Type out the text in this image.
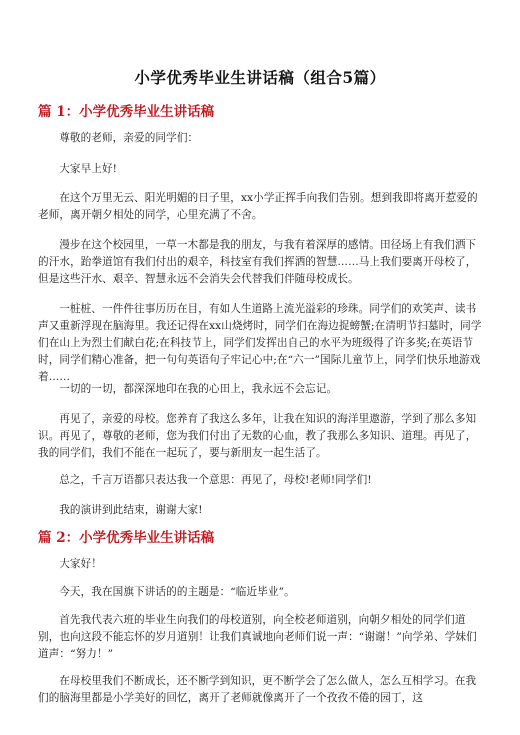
小学优秀毕业生讲话稿（组合5篇）
篇 1：小学优秀毕业生讲话稿
尊敬的老师，亲爱的同学们：
大家早上好!
在这个万里无云、阳光明媚的日子里，xx小学正挥手向我们告别。想到我即将离开惹爱的老师，离开朝夕相处的同学，心里充满了不舍。
漫步在这个校园里，一草一木都是我的朋友，与我有着深厚的感情。田径场上有我们洒下的汗水，跆拳道馆有我们付出的艰辛，科技室有我们挥洒的智慧……马上我们要离开母校了，但是这些汗水、艰辛、智慧永远不会消失会代替我们伴随母校成长。
一桩桩、一件件往事历历在目，有如人生道路上流光溢彩的珍珠。同学们的欢笑声、读书声又重新浮现在脑海里。我还记得在xx山烧烤时，同学们在海边捉螃蟹;在清明节扫墓时，同学们在山上为烈士们献白花;在科技节上，同学们发挥出自己的水平为班级得了许多奖;在英语节时，同学们精心准备，把一句句英语句子牢记心中;在“六一”国际儿童节上，同学们快乐地游戏着……
一切的一切，都深深地印在我的心田上，我永远不会忘记。
再见了，亲爱的母校。您养育了我这么多年，让我在知识的海洋里遨游，学到了那么多知识。再见了，尊敬的老师，您为我们付出了无数的心血，教了我那么多知识、道理。再见了，我的同学们，我们不能在一起玩了，要与新朋友一起生活了。
总之，千言万语都只表达我一个意思：再见了，母校!老师!同学们!
我的演讲到此结束，谢谢大家!
篇 2：小学优秀毕业生讲话稿
大家好！
今天，我在国旗下讲话的的主题是：“临近毕业”。
首先我代表六班的毕业生向我们的母校道别，向全校老师道别，向朝夕相处的同学们道别，也向这段不能忘怀的岁月道别！让我们真诚地向老师们说一声：“谢谢！”向学弟、学妹们道声：“努力！”
在母校里我们不断成长，还不断学到知识，更不断学会了怎么做人，怎么互相学习。在我们的脑海里都是小学美好的回忆，离开了老师就像离开了一个孜孜不倦的园丁，这
